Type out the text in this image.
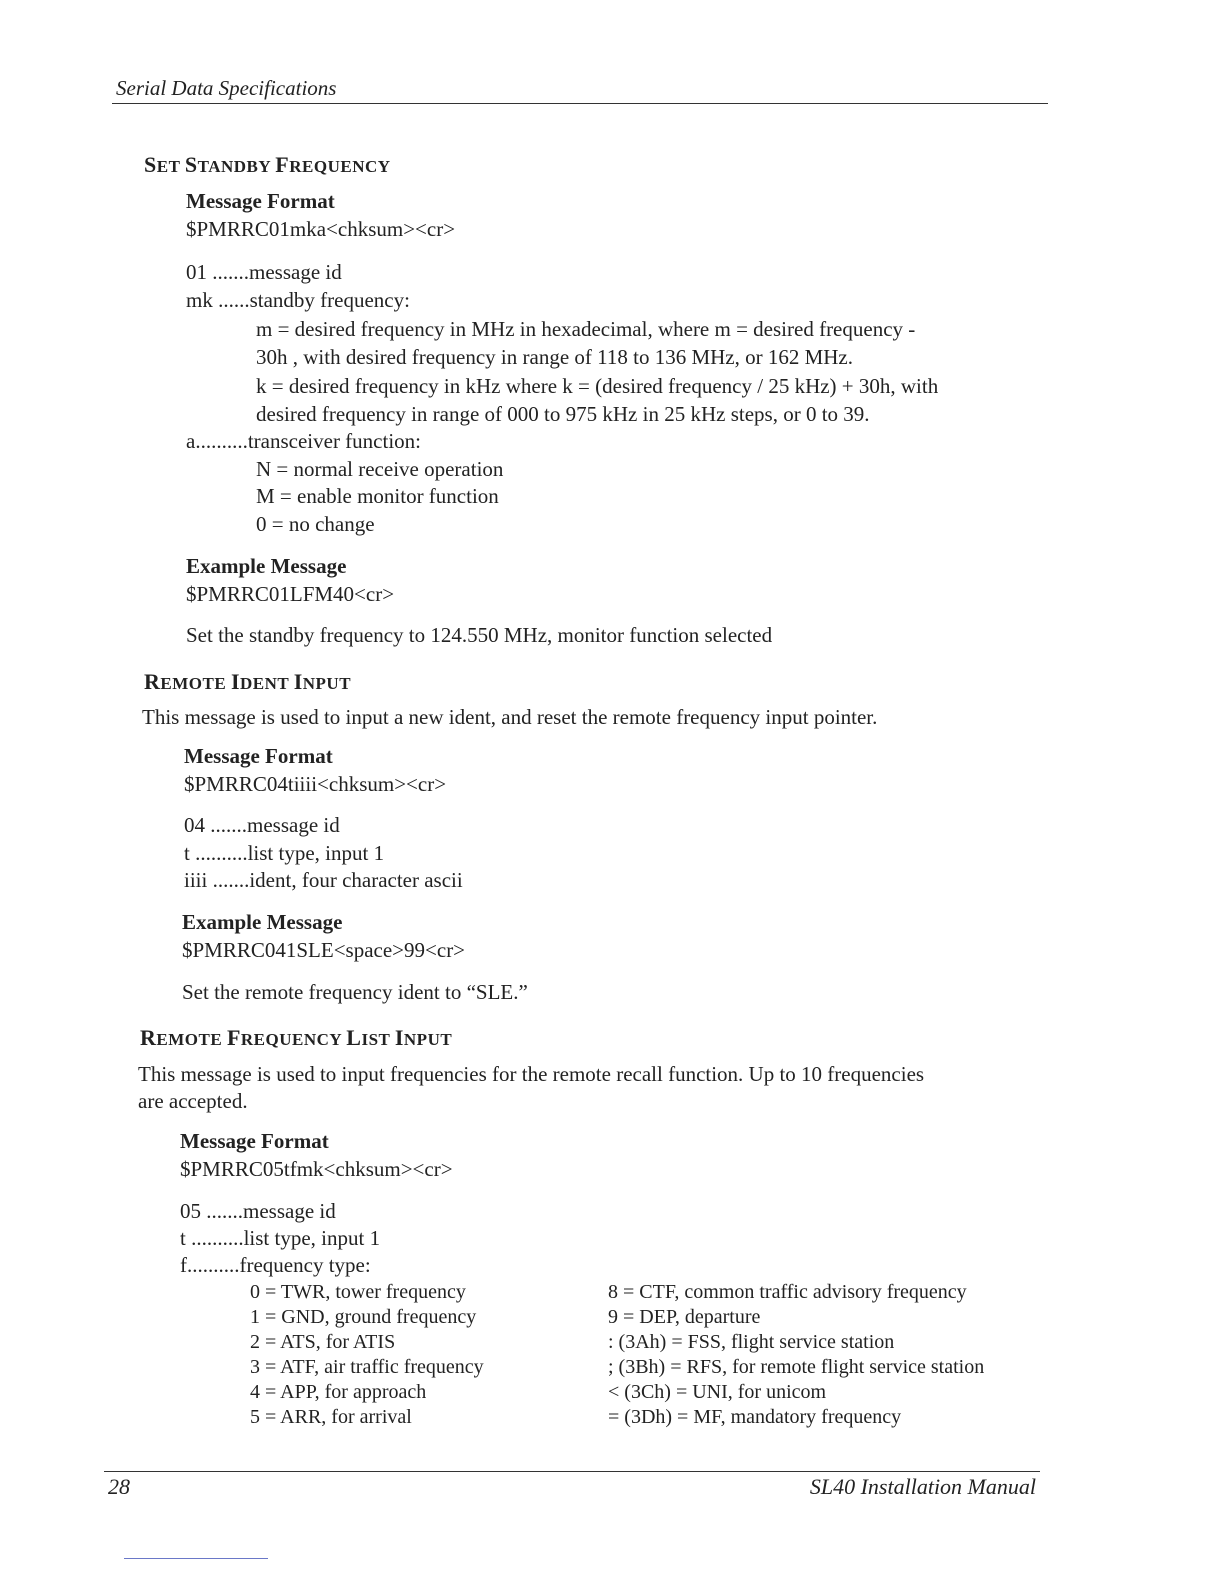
Serial Data Specifications
SET STANDBY FREQUENCY
Message Format
$PMRRC01mka<chksum><cr>
01 .......message id
mk ......standby frequency:
m = desired frequency in MHz in hexadecimal, where m = desired frequency -
30h , with desired frequency in range of 118 to 136 MHz, or 162 MHz.
k = desired frequency in kHz where k = (desired frequency / 25 kHz) + 30h, with
desired frequency in range of 000 to 975 kHz in 25 kHz steps, or 0 to 39.
a..........transceiver function:
N = normal receive operation
M = enable monitor function
0 = no change
Example Message
$PMRRC01LFM40<cr>
Set the standby frequency to 124.550 MHz, monitor function selected
REMOTE IDENT INPUT
This message is used to input a new ident, and reset the remote frequency input pointer.
Message Format
$PMRRC04tiiii<chksum><cr>
04 .......message id
t ..........list type, input 1
iiii .......ident, four character ascii
Example Message
$PMRRC041SLE<space>99<cr>
Set the remote frequency ident to “SLE.”
REMOTE FREQUENCY LIST INPUT
This message is used to input frequencies for the remote recall function. Up to 10 frequencies
are accepted.
Message Format
$PMRRC05tfmk<chksum><cr>
05 .......message id
t ..........list type, input 1
f..........frequency type:
0 = TWR, tower frequency
1 = GND, ground frequency
2 = ATS, for ATIS
3 = ATF, air traffic frequency
4 = APP, for approach
5 = ARR, for arrival
8 = CTF, common traffic advisory frequency
9 = DEP, departure
: (3Ah) = FSS, flight service station
; (3Bh) = RFS, for remote flight service station
< (3Ch) = UNI, for unicom
= (3Dh) = MF, mandatory frequency
28	SL40 Installation Manual
